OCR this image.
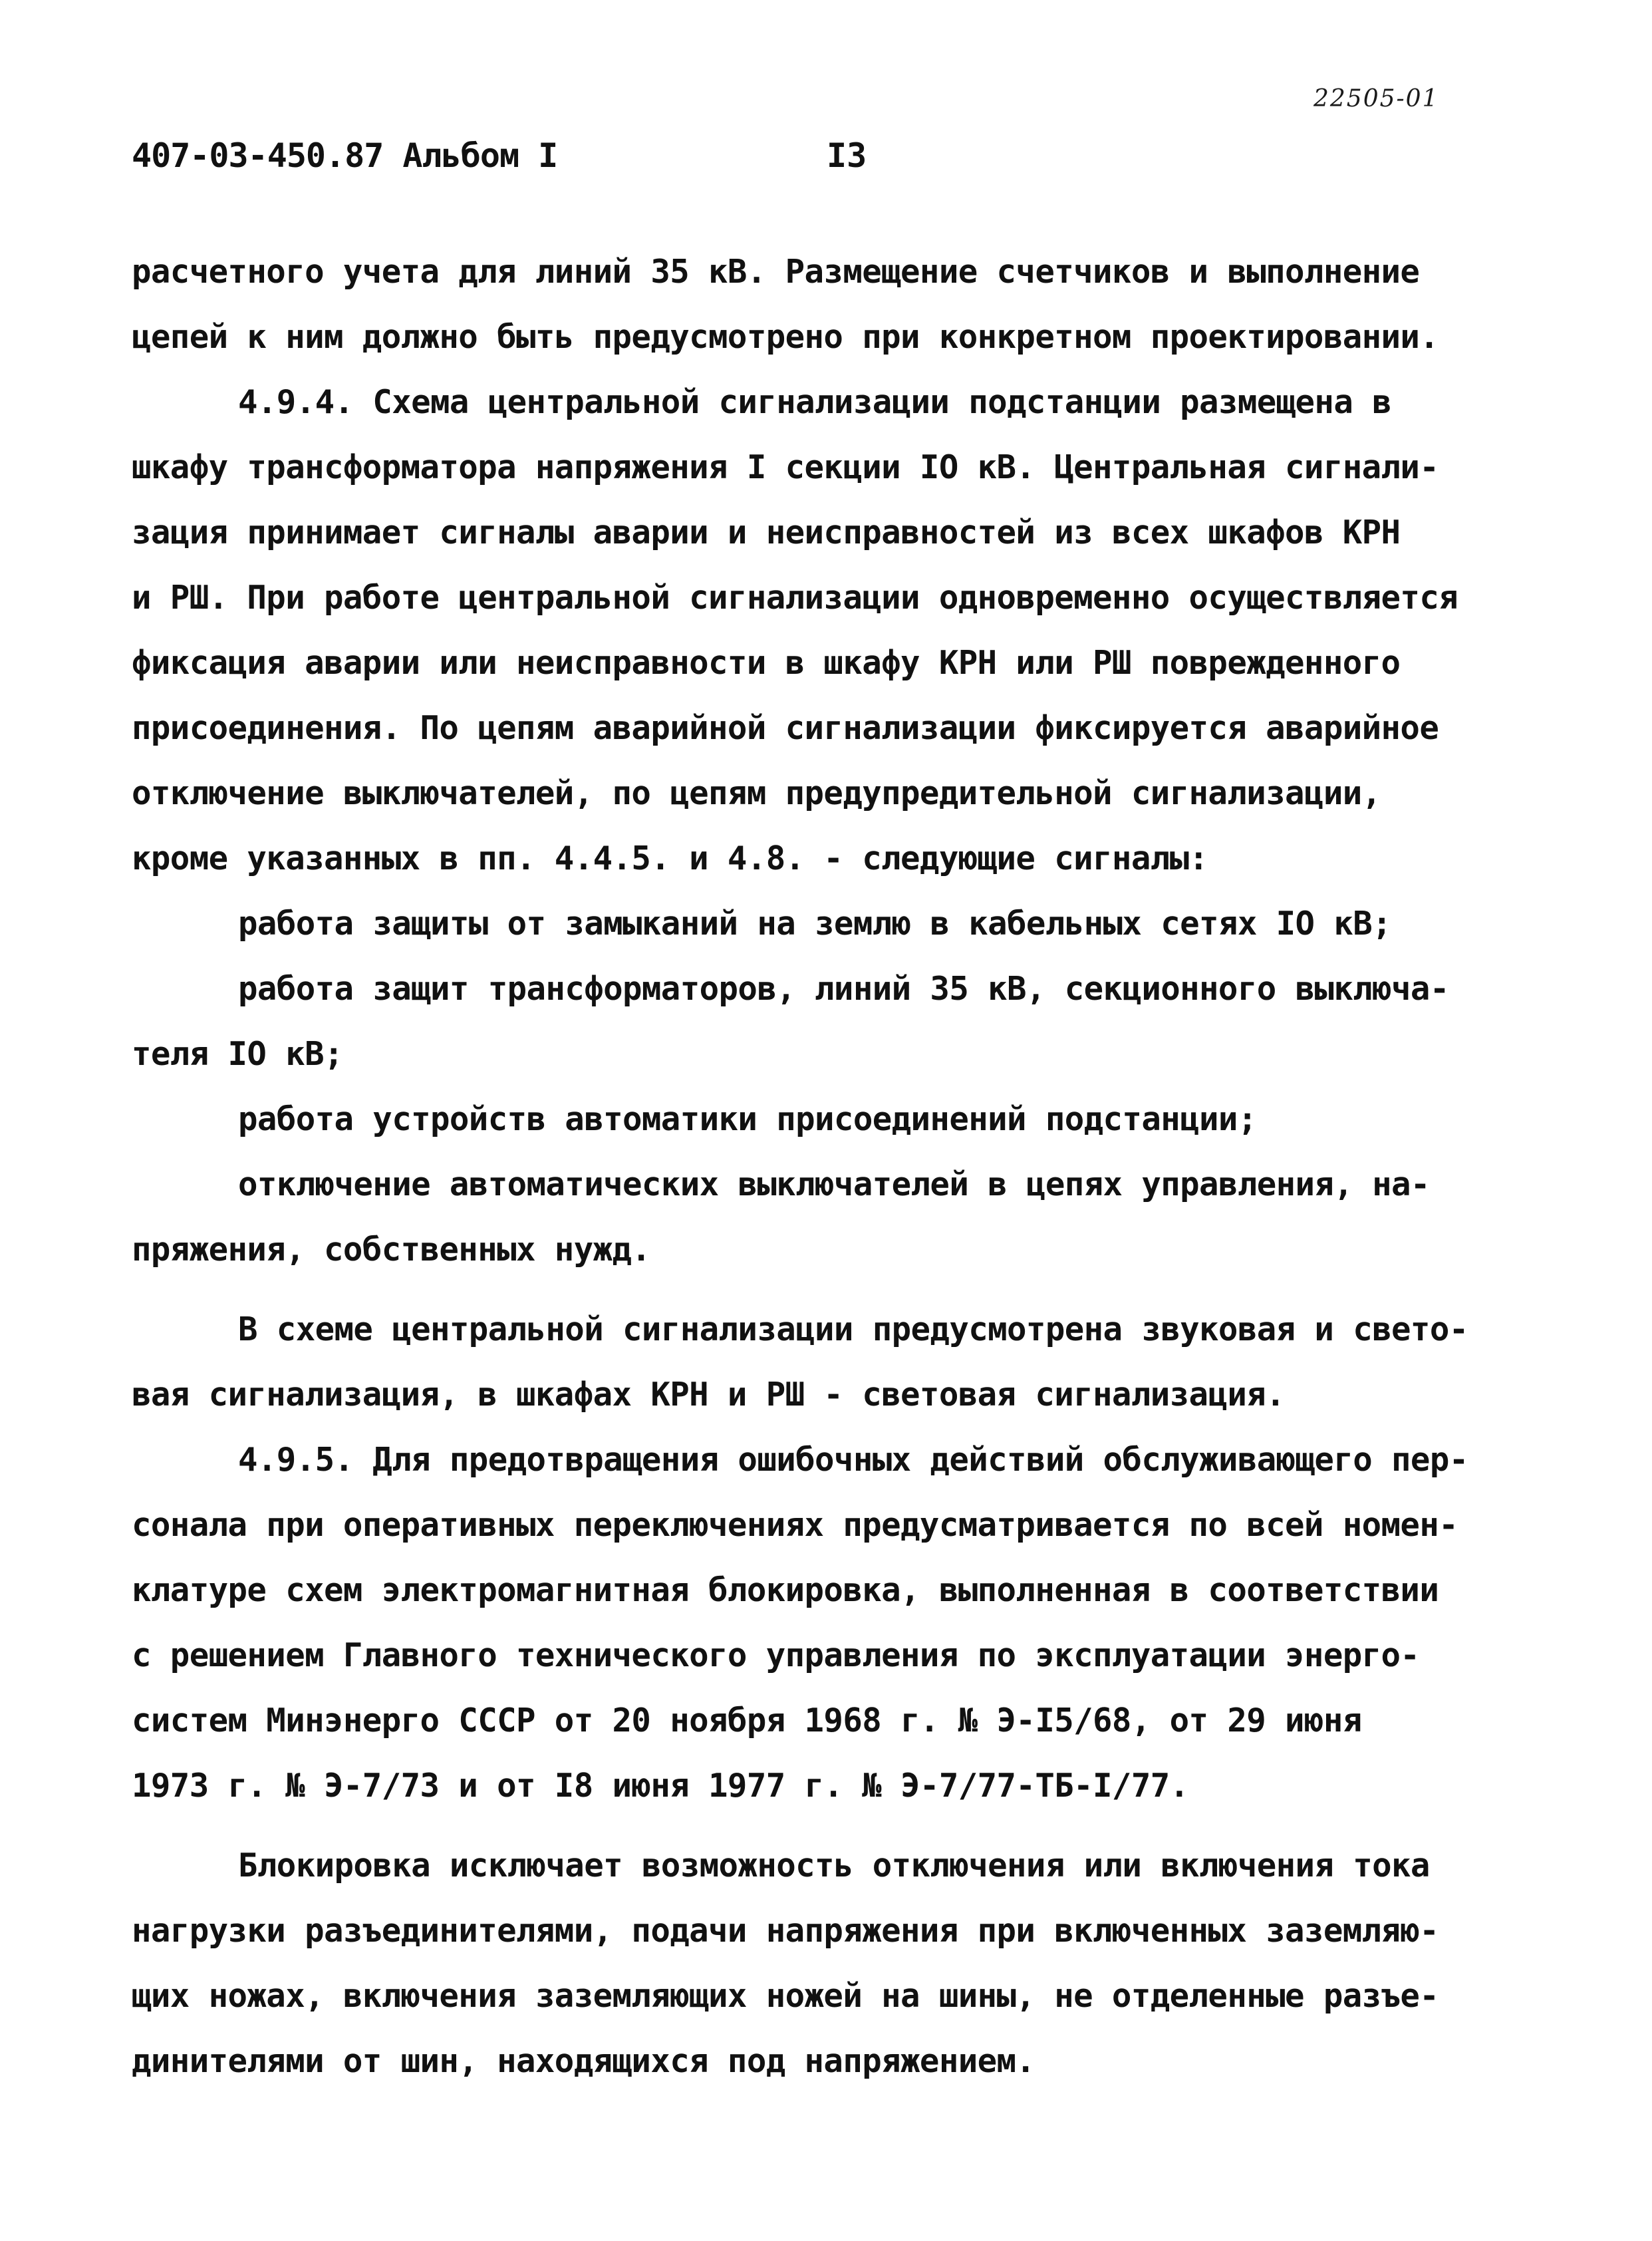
22505-01
407-03-450.87 Альбом I	I3
расчетного учета для линий 35 кВ. Размещение счетчиков и выполнение
цепей к ним должно быть предусмотрено при конкретном проектировании.
4.9.4. Схема центральной сигнализации подстанции размещена в
шкафу трансформатора напряжения I секции IO кВ. Центральная сигнали-
зация принимает сигналы аварии и неисправностей из всех шкафов КРН
и РШ. При работе центральной сигнализации одновременно осуществляется
фиксация аварии или неисправности в шкафу КРН или РШ поврежденного
присоединения. По цепям аварийной сигнализации фиксируется аварийное
отключение выключателей, по цепям предупредительной сигнализации,
кроме указанных в пп. 4.4.5. и 4.8. - следующие сигналы:
работа защиты от замыканий на землю в кабельных сетях IO кВ;
работа защит трансформаторов, линий 35 кВ, секционного выключа-
теля IO кВ;
работа устройств автоматики присоединений подстанции;
отключение автоматических выключателей в цепях управления, на-
пряжения, собственных нужд.
В схеме центральной сигнализации предусмотрена звуковая и свето-
вая сигнализация, в шкафах КРН и РШ - световая сигнализация.
4.9.5. Для предотвращения ошибочных действий обслуживающего пер-
сонала при оперативных переключениях предусматривается по всей номен-
клатуре схем электромагнитная блокировка, выполненная в соответствии
с решением Главного технического управления по эксплуатации энерго-
систем Минэнерго СССР от 20 ноября 1968 г. № Э-I5/68, от 29 июня
1973 г. № Э-7/73 и от I8 июня 1977 г. № Э-7/77-ТБ-I/77.
Блокировка исключает возможность отключения или включения тока
нагрузки разъединителями, подачи напряжения при включенных заземляю-
щих ножах, включения заземляющих ножей на шины, не отделенные разъе-
динителями от шин, находящихся под напряжением.
